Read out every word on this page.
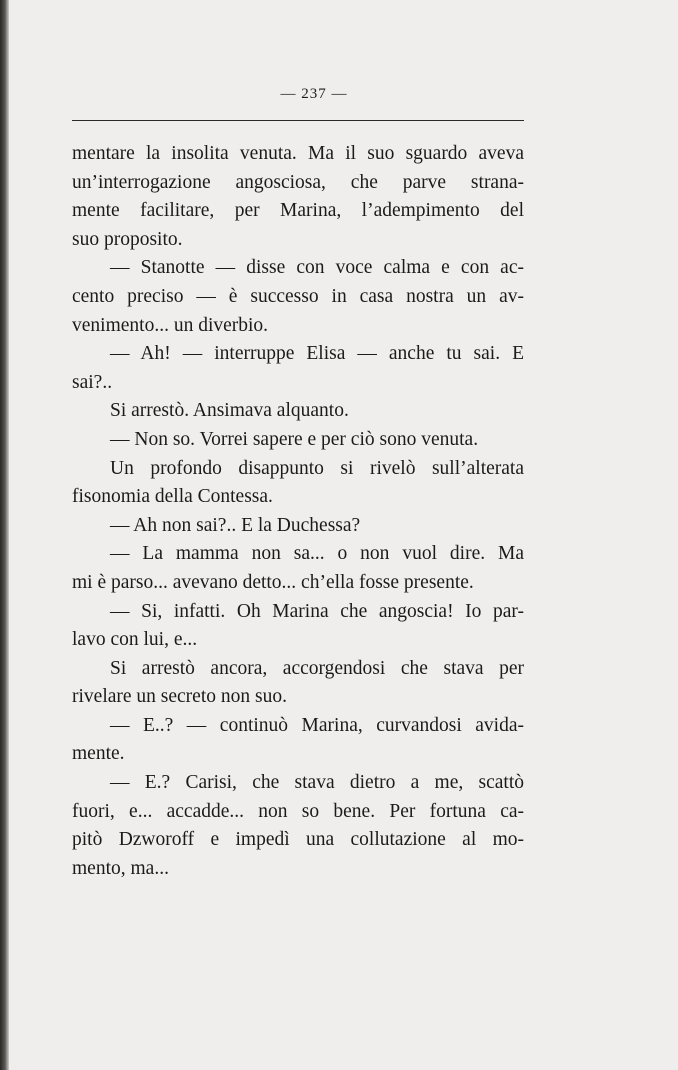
— 237 —
mentare la insolita venuta. Ma il suo sguardo aveva
un’interrogazione angosciosa, che parve strana-
mente facilitare, per Marina, l’adempimento del
suo proposito.
— Stanotte — disse con voce calma e con ac-
cento preciso — è successo in casa nostra un av-
venimento... un diverbio.
— Ah! — interruppe Elisa — anche tu sai. E
sai?..
Si arrestò. Ansimava alquanto.
— Non so. Vorrei sapere e per ciò sono venuta.
Un profondo disappunto si rivelò sull’alterata
fisonomia della Contessa.
— Ah non sai?.. E la Duchessa?
— La mamma non sa... o non vuol dire. Ma
mi è parso... avevano detto... ch’ella fosse presente.
— Si, infatti. Oh Marina che angoscia! Io par-
lavo con lui, e...
Si arrestò ancora, accorgendosi che stava per
rivelare un secreto non suo.
— E..? — continuò Marina, curvandosi avida-
mente.
— E.? Carisi, che stava dietro a me, scattò
fuori, e... accadde... non so bene. Per fortuna ca-
pitò Dzworoff e impedì una collutazione al mo-
mento, ma...
